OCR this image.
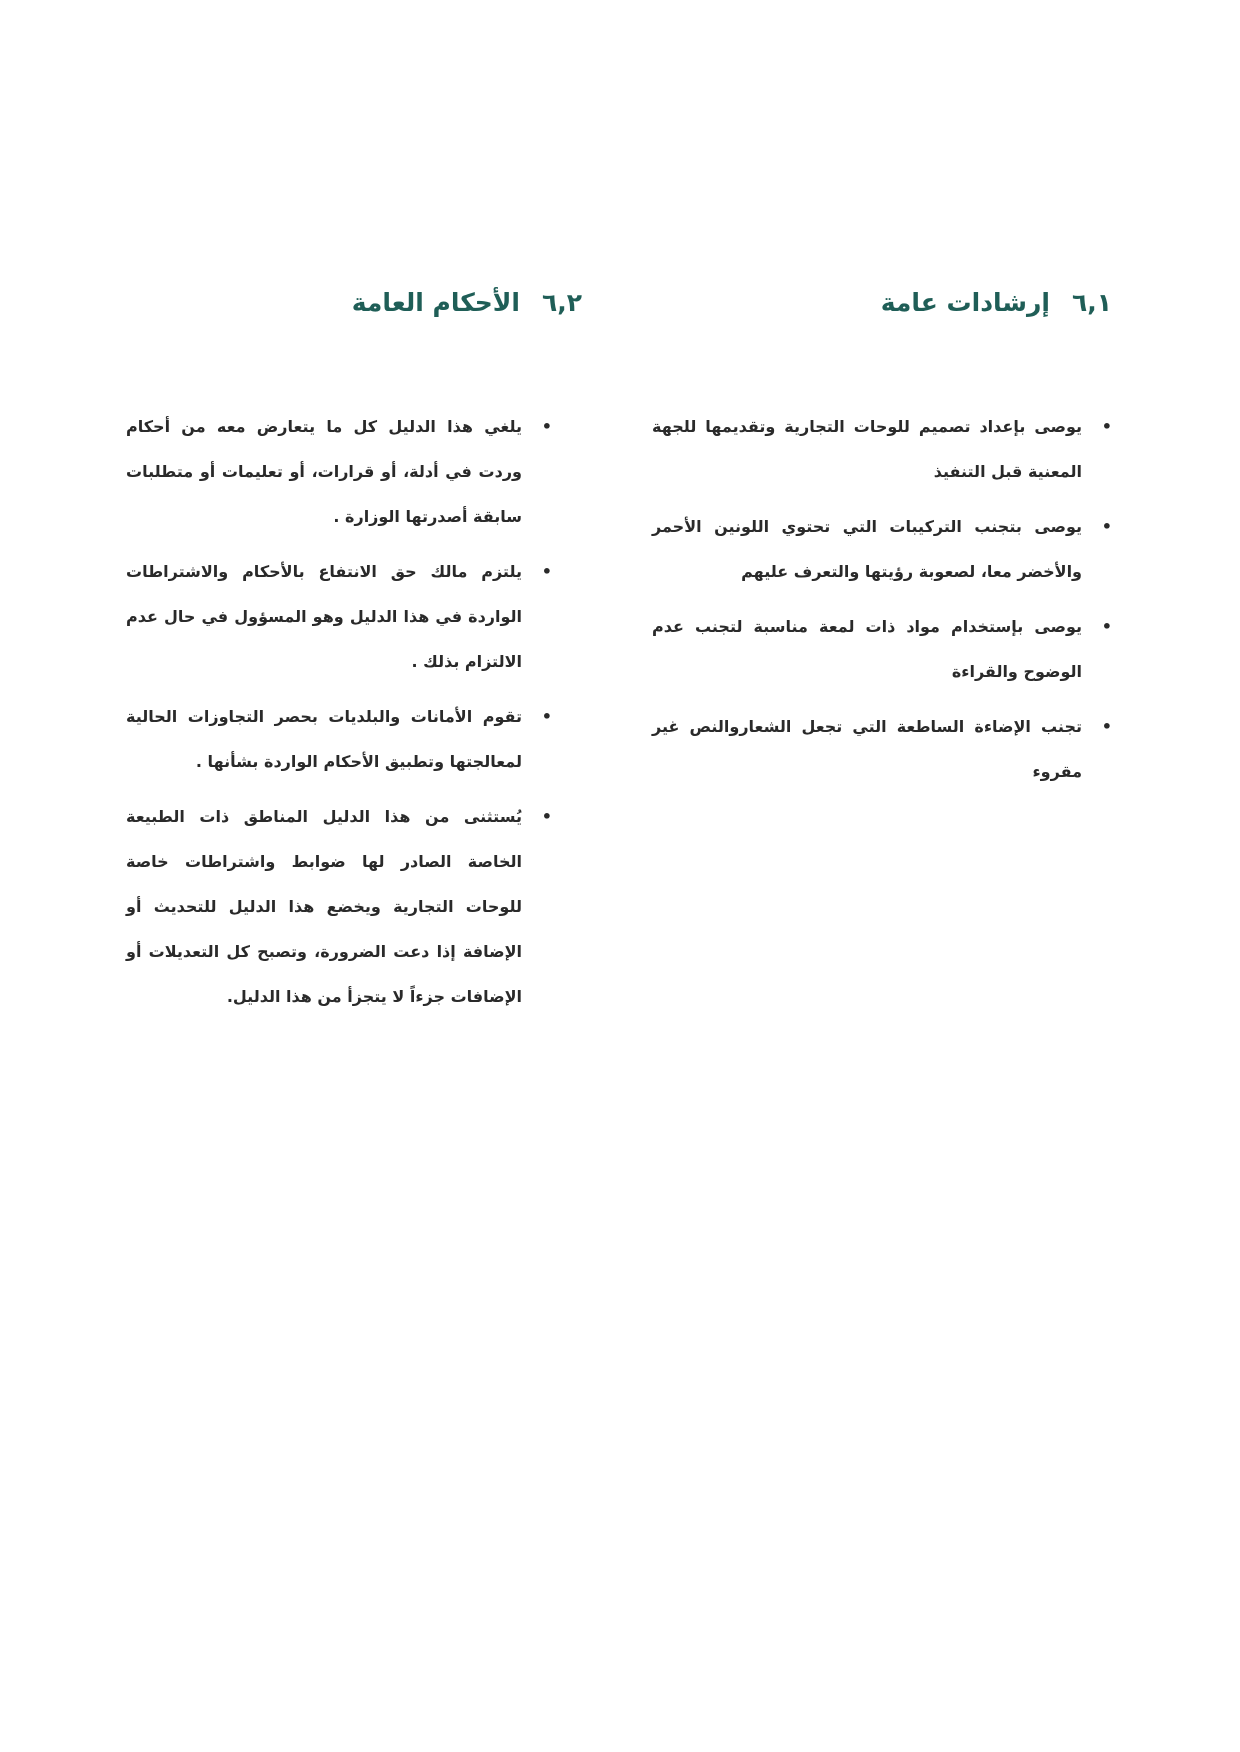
٦,١
إرشادات عامة
•
يوصى بإعداد تصميم للوحات التجارية وتقديمها للجهة المعنية قبل التنفيذ
•
يوصى بتجنب التركيبات التي تحتوي اللونين الأحمر والأخضر معا، لصعوبة رؤيتها والتعرف عليهم
•
يوصى بإستخدام مواد ذات لمعة مناسبة لتجنب عدم الوضوح والقراءة
•
تجنب الإضاءة الساطعة التي تجعل الشعاروالنص غير مقروء
٦,٢
الأحكام العامة
•
يلغي هذا الدليل كل ما يتعارض معه من أحكام وردت في أدلة، أو قرارات، أو تعليمات أو متطلبات سابقة أصدرتها الوزارة .
•
يلتزم مالك حق الانتفاع بالأحكام والاشتراطات الواردة في هذا الدليل وهو المسؤول في حال عدم الالتزام بذلك .
•
تقوم الأمانات والبلديات بحصر التجاوزات الحالية لمعالجتها وتطبيق الأحكام الواردة بشأنها .
•
يُستثنى من هذا الدليل المناطق ذات الطبيعة الخاصة الصادر لها ضوابط واشتراطات خاصة للوحات التجارية ويخضع هذا الدليل للتحديث أو الإضافة إذا دعت الضرورة، وتصبح كل التعديلات أو الإضافات جزءاً لا يتجزأ من هذا الدليل.
